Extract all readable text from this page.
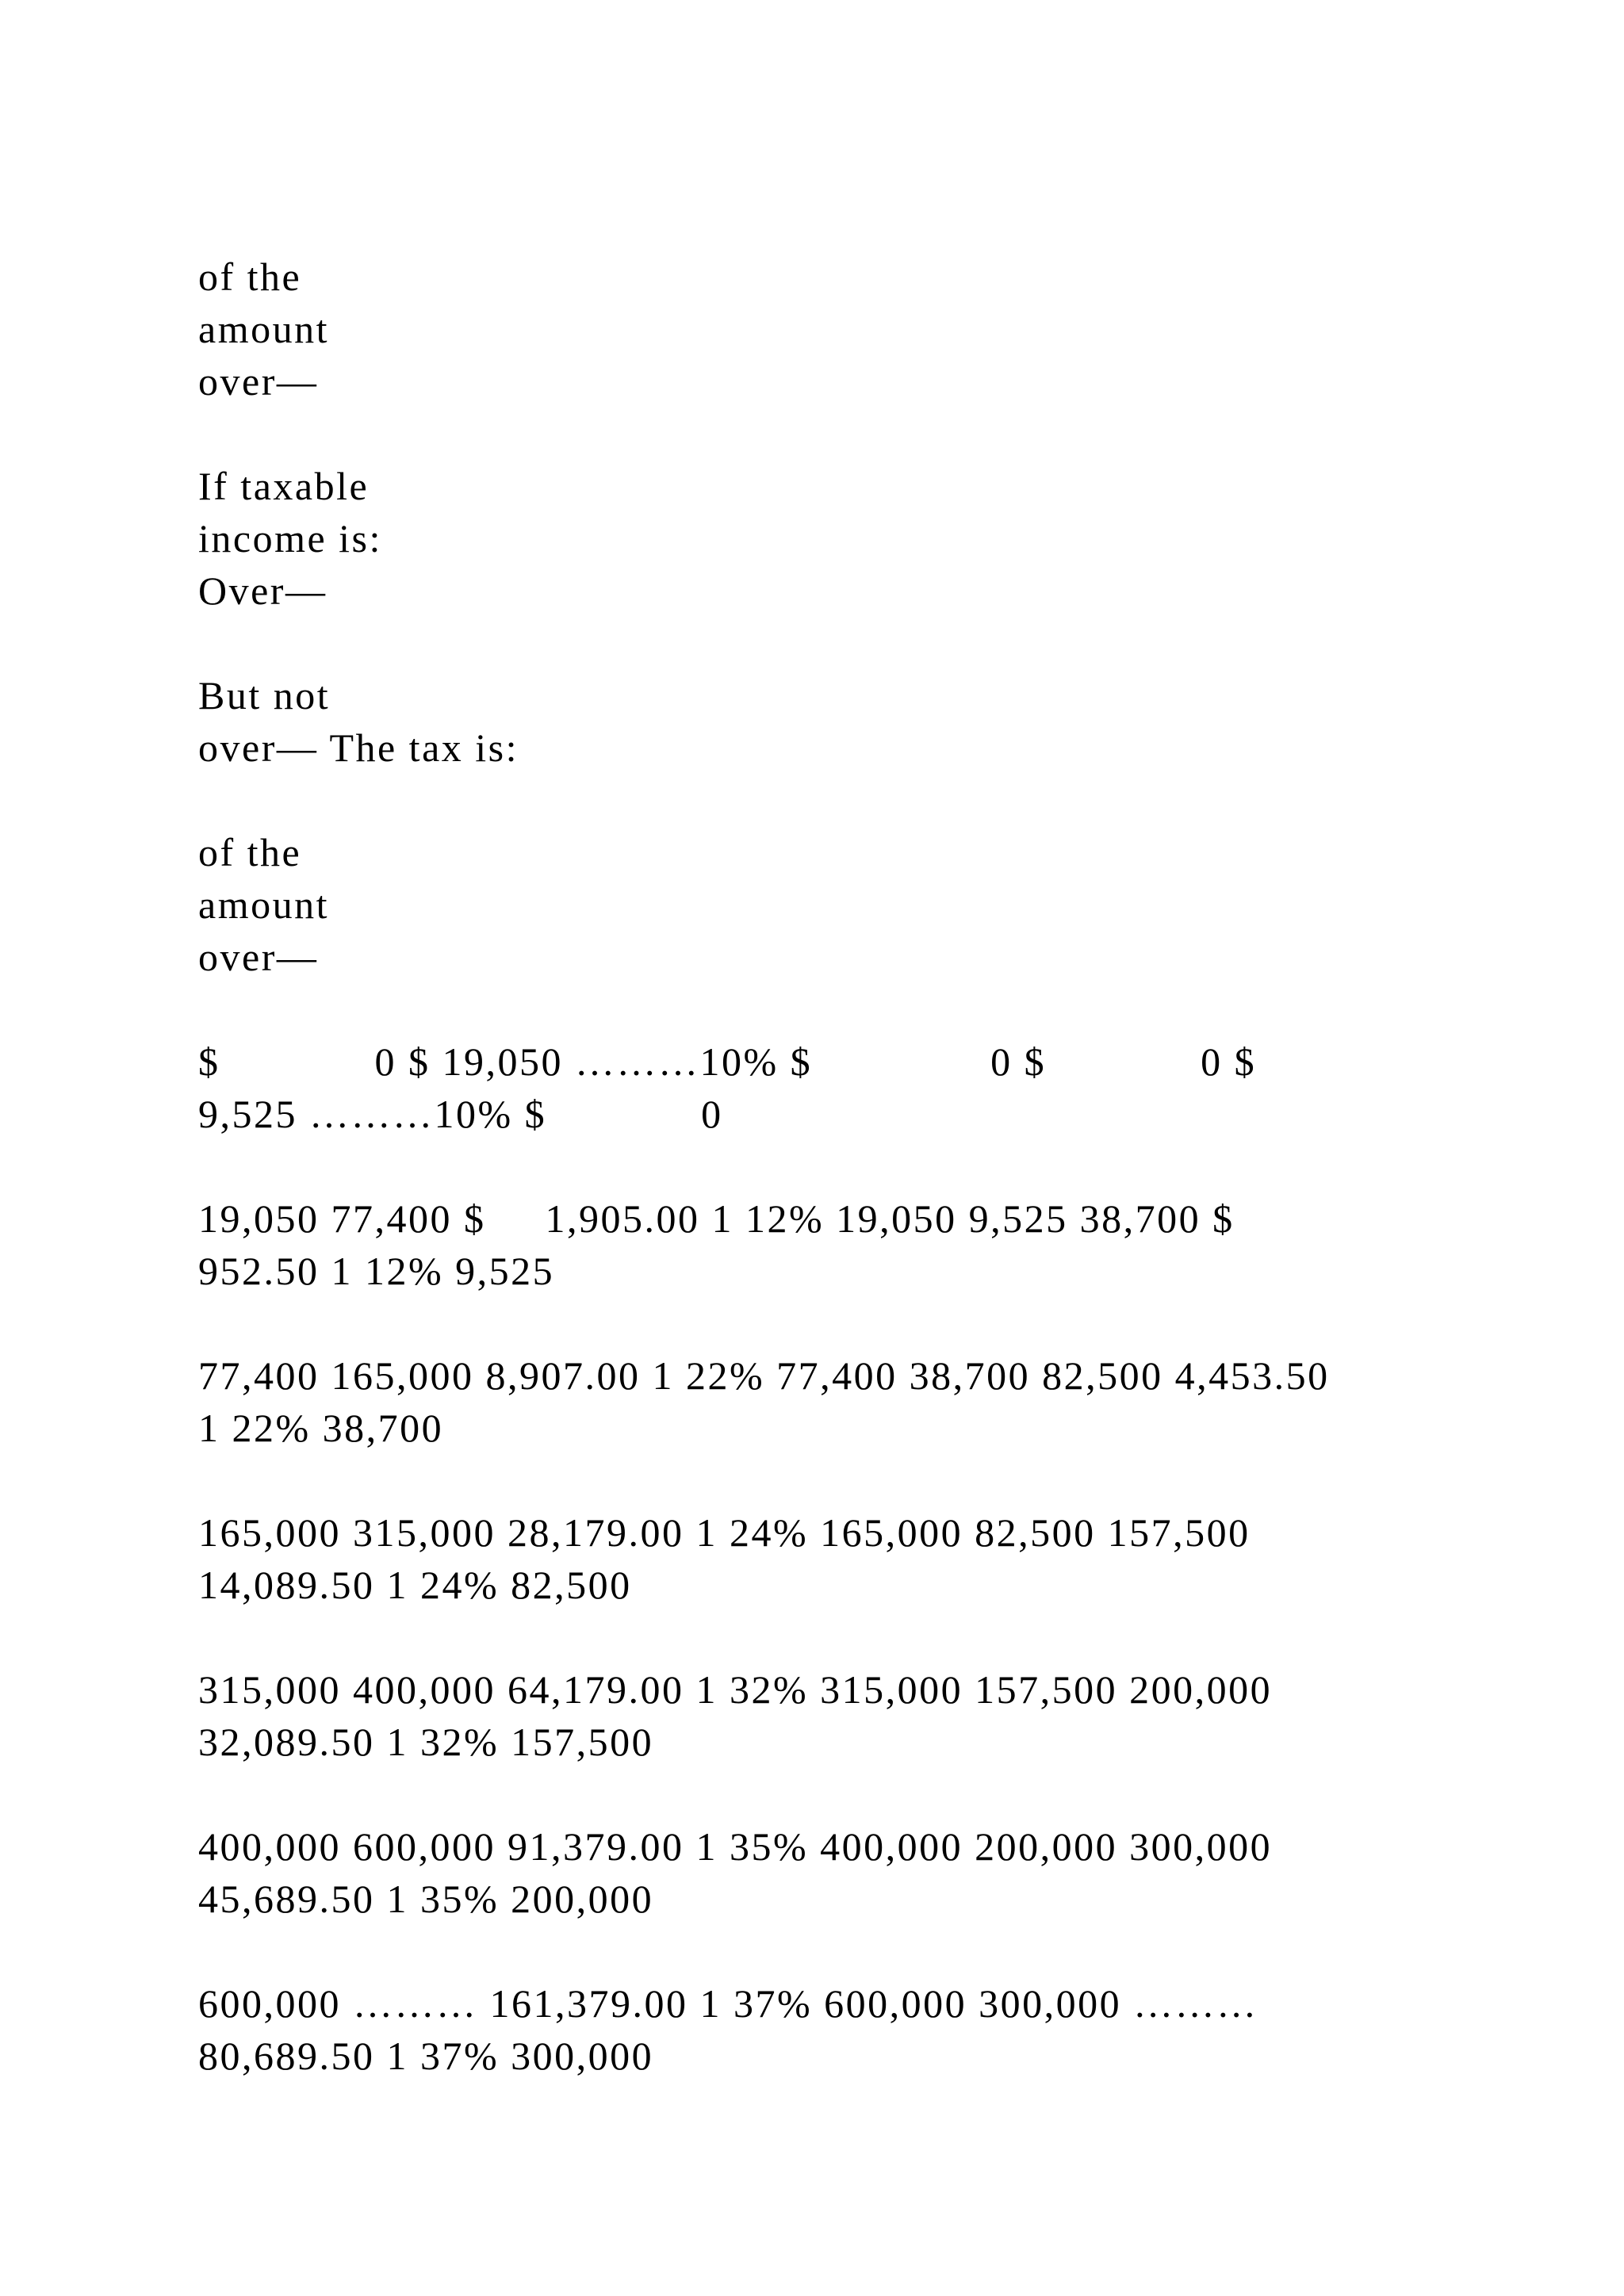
of the
amount
over—
If taxable
income is:
Over—
But not
over— The tax is:
of the
amount
over—
$             0 $ 19,050 ………10% $               0 $             0 $
9,525 ………10% $             0
19,050 77,400 $     1,905.00 1 12% 19,050 9,525 38,700 $
952.50 1 12% 9,525
77,400 165,000 8,907.00 1 22% 77,400 38,700 82,500 4,453.50
1 22% 38,700
165,000 315,000 28,179.00 1 24% 165,000 82,500 157,500
14,089.50 1 24% 82,500
315,000 400,000 64,179.00 1 32% 315,000 157,500 200,000
32,089.50 1 32% 157,500
400,000 600,000 91,379.00 1 35% 400,000 200,000 300,000
45,689.50 1 35% 200,000
600,000 ……… 161,379.00 1 37% 600,000 300,000 ………
80,689.50 1 37% 300,000
